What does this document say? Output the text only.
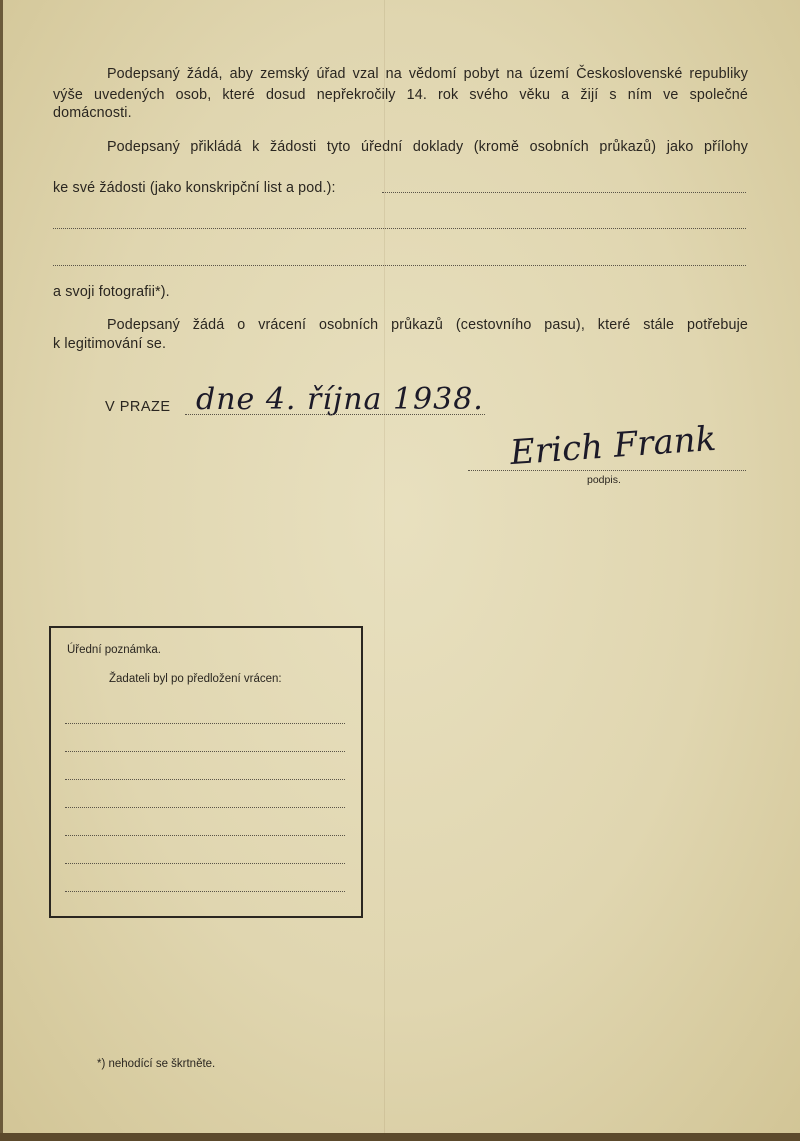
Podepsaný žádá, aby zemský úřad vzal na vědomí pobyt na území Československé republiky
výše uvedených osob, které dosud nepřekročily 14. rok svého věku a žijí s ním ve společné
domácnosti.
Podepsaný přikládá k žádosti tyto úřední doklady (kromě osobních průkazů) jako přílohy
ke své žádosti (jako konskripční list a pod.):
a svoji fotografii*).
Podepsaný žádá o vrácení osobních průkazů (cestovního pasu), které stále potřebuje
k legitimování se.
V PRAZE dne 4. října 1938.
Erich Frank
podpis.
Úřední poznámka.
Žadateli byl po předložení vrácen:
*) nehodící se škrtněte.
